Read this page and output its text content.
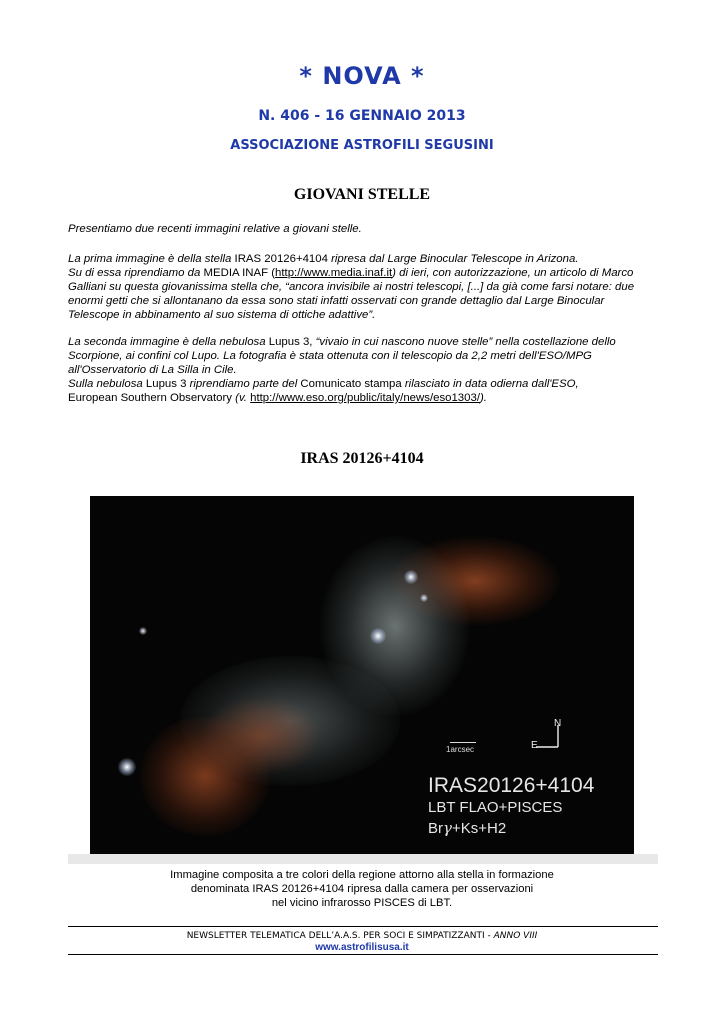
* NOVA *
N. 406 - 16 GENNAIO 2013
ASSOCIAZIONE ASTROFILI SEGUSINI
GIOVANI STELLE
Presentiamo due recenti immagini relative a giovani stelle.

La prima immagine è della stella IRAS 20126+4104 ripresa dal Large Binocular Telescope in Arizona.

Su di essa riprendiamo da MEDIA INAF (http://www.media.inaf.it) di ieri, con autorizzazione, un articolo di Marco Galliani su questa giovanissima stella che, “ancora invisibile ai nostri telescopi, [...] da già come farsi notare: due enormi getti che si allontanano da essa sono stati infatti osservati con grande dettaglio dal Large Binocular Telescope in abbinamento al suo sistema di ottiche adattive”.

La seconda immagine è della nebulosa Lupus 3, “vivaio in cui nascono nuove stelle” nella costellazione dello Scorpione, ai confini col Lupo. La fotografia è stata ottenuta con il telescopio da 2,2 metri dell'ESO/MPG all'Osservatorio di La Silla in Cile.

Sulla nebulosa Lupus 3 riprendiamo parte del Comunicato stampa rilasciato in data odierna dall'ESO,
European Southern Observatory (v. http://www.eso.org/public/italy/news/eso1303/).

IRAS 20126+4104
N
E
1arcsec
IRAS20126+4104
LBT FLAO+PISCES
Brγ+Ks+H2

Immagine composita a tre colori della regione attorno alla stella in formazione

denominata IRAS 20126+4104 ripresa dalla camera per osservazioni

nel vicino infrarosso PISCES di LBT.

NEWSLETTER TELEMATICA DELL’A.A.S. PER SOCI E SIMPATIZZANTI - ANNO VIII
www.astrofilisusa.it
